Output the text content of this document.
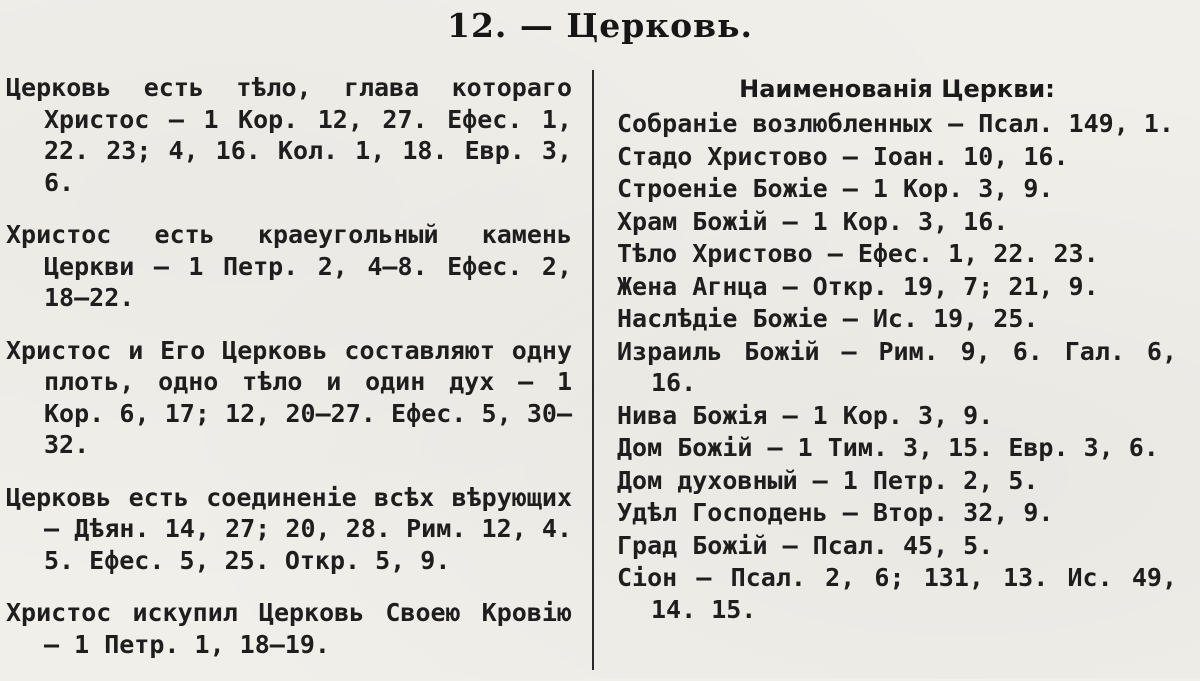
12. — Церковь.
Церковь есть тѣло, глава котораго Христос — 1 Кор. 12, 27. Ефес. 1, 22. 23; 4, 16. Кол. 1, 18. Евр. 3, 6.
Христос есть краеугольный камень Церкви — 1 Петр. 2, 4—8. Ефес. 2, 18—22.
Христос и Его Церковь составляют одну плоть, одно тѣло и один дух — 1 Кор. 6, 17; 12, 20—27. Ефес. 5, 30—32.
Церковь есть соединеніе всѣх вѣрующих — Дѣян. 14, 27; 20, 28. Рим. 12, 4. 5. Ефес. 5, 25. Откр. 5, 9.
Христос искупил Церковь Своею Кровію — 1 Петр. 1, 18—19.
Наименованія Церкви:
Собраніе возлюбленных — Псал. 149, 1.
Стадо Христово — Іоан. 10, 16.
Строеніе Божіе — 1 Кор. 3, 9.
Храм Божій — 1 Кор. 3, 16.
Тѣло Христово — Ефес. 1, 22. 23.
Жена Агнца — Откр. 19, 7; 21, 9.
Наслѣдіе Божіе — Ис. 19, 25.
Израиль Божій — Рим. 9, 6. Гал. 6, 16.
Нива Божія — 1 Кор. 3, 9.
Дом Божій — 1 Тим. 3, 15. Евр. 3, 6.
Дом духовный — 1 Петр. 2, 5.
Удѣл Господень — Втор. 32, 9.
Град Божій — Псал. 45, 5.
Сіон — Псал. 2, 6; 131, 13. Ис. 49, 14. 15.
